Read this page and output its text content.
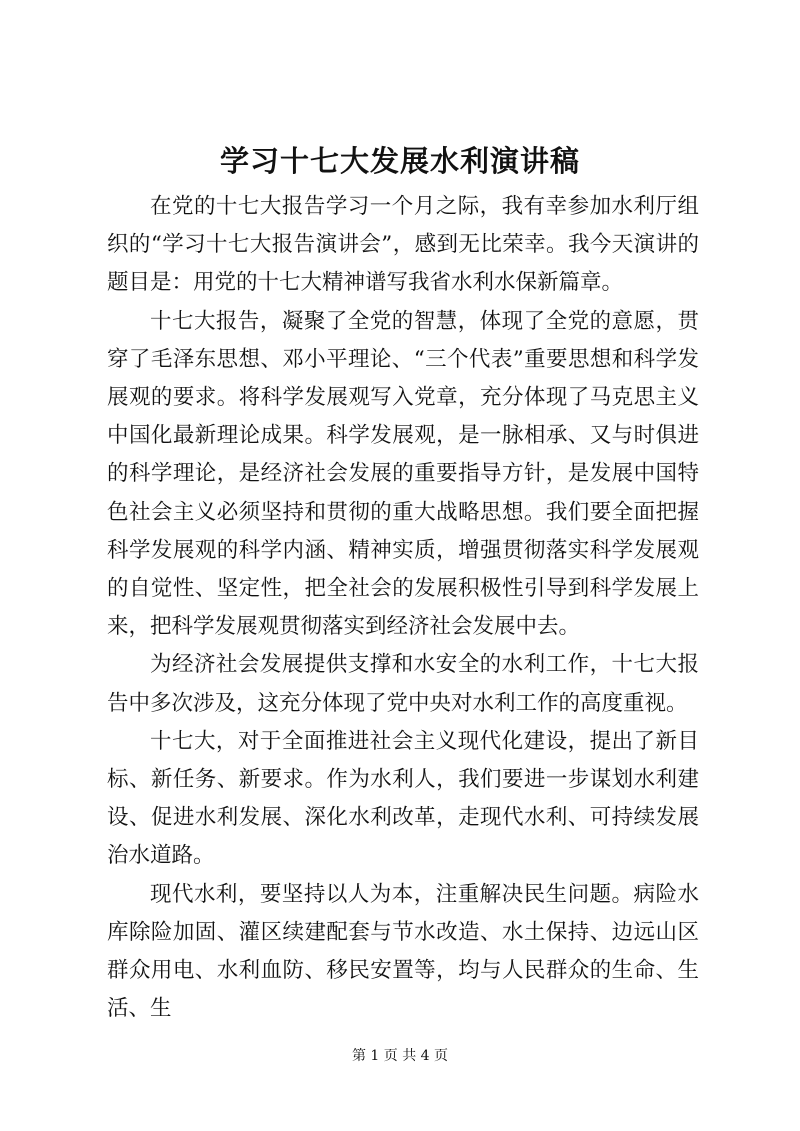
学习十七大发展水利演讲稿

在党的十七大报告学习一个月之际，我有幸参加水利厅组织的“学习十七大报告演讲会”，感到无比荣幸。我今天演讲的题目是：用党的十七大精神谱写我省水利水保新篇章。

十七大报告，凝聚了全党的智慧，体现了全党的意愿，贯穿了毛泽东思想、邓小平理论、“三个代表”重要思想和科学发展观的要求。将科学发展观写入党章，充分体现了马克思主义中国化最新理论成果。科学发展观，是一脉相承、又与时俱进的科学理论，是经济社会发展的重要指导方针，是发展中国特色社会主义必须坚持和贯彻的重大战略思想。我们要全面把握科学发展观的科学内涵、精神实质，增强贯彻落实科学发展观的自觉性、坚定性，把全社会的发展积极性引导到科学发展上来，把科学发展观贯彻落实到经济社会发展中去。

为经济社会发展提供支撑和水安全的水利工作，十七大报告中多次涉及，这充分体现了党中央对水利工作的高度重视。

十七大，对于全面推进社会主义现代化建设，提出了新目标、新任务、新要求。作为水利人，我们要进一步谋划水利建设、促进水利发展、深化水利改革，走现代水利、可持续发展治水道路。

现代水利，要坚持以人为本，注重解决民生问题。病险水库除险加固、灌区续建配套与节水改造、水土保持、边远山区群众用电、水利血防、移民安置等，均与人民群众的生命、生活、生

第 1 页 共 4 页
